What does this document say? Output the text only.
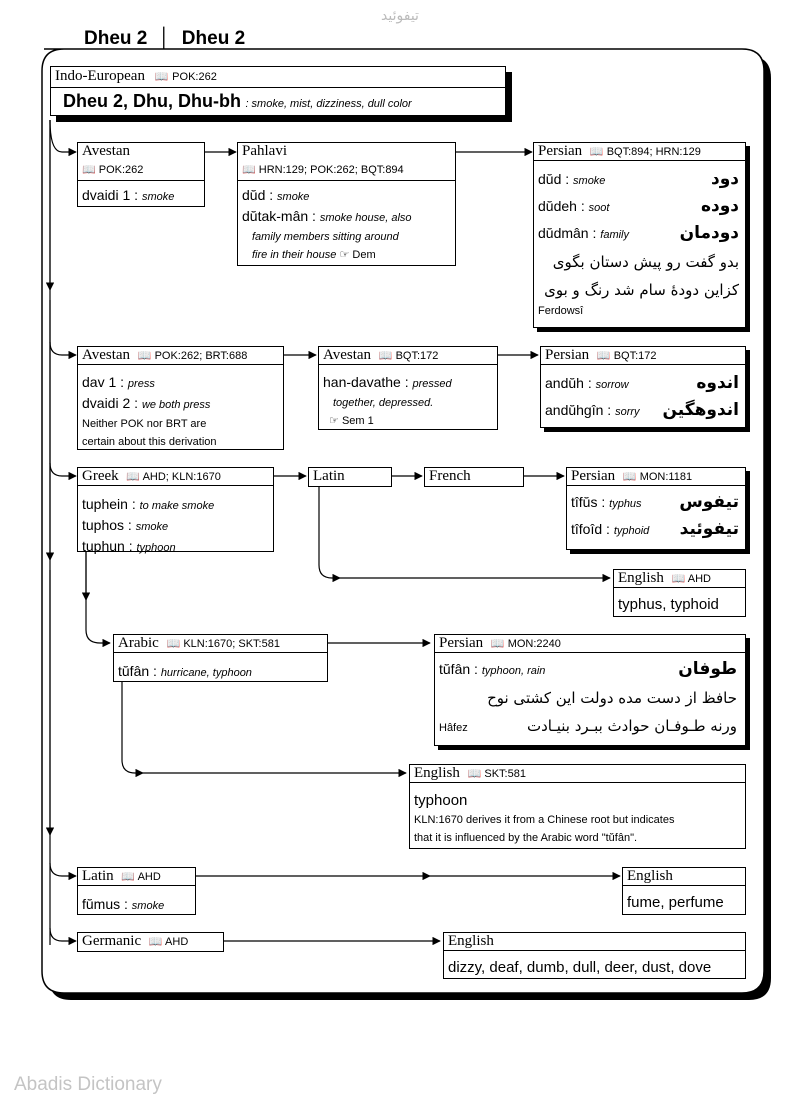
تیفوئید
Dheu 2 │ Dheu 2
Indo-European 📖 POK:262
Dheu 2, Dhu, Dhu-bh : smoke, mist, dizziness, dull color
Avestan
📖 POK:262
dvaidi 1 : smoke
Pahlavi
📖 HRN:129; POK:262; BQT:894
dŭd : smoke
dŭtak-mân : smoke house, also
family members sitting around
fire in their house ☞ Dem
Persian 📖 BQT:894; HRN:129
dŭd : smoke	دود
dŭdeh : soot	دوده
dŭdmân : family	دودمان
بدو گفت رو پیش دستان بگوی
کزاین دودهٔ سام شد رنگ و بوی
Ferdowsî
Avestan 📖 POK:262; BRT:688
dav 1 : press
dvaidi 2 : we both press
Neither POK nor BRT are
certain about this derivation
Avestan 📖 BQT:172
han-davathe : pressed
together, depressed.
☞ Sem 1
Persian 📖 BQT:172
andŭh : sorrow	اندوه
andŭhgîn : sorry اندوهگین
Greek 📖 AHD; KLN:1670
tuphein : to make smoke
tuphos : smoke
tuphun : typhoon
Latin	French	Persian 📖 MON:1181
tîfŭs : typhus تیفوس
tîfoîd : typhoid تیفوئید
English 📖 AHD
typhus, typhoid
Arabic 📖 KLN:1670; SKT:581
tŭfân : hurricane, typhoon
Persian 📖 MON:2240
tŭfân : typhoon, rain	طوفان
حافظ از دست مده دولت این کشتی نوح
ورنه طـوفـان حوادث ببـرد بنیـادت
Hâfez
English 📖 SKT:581
typhoon
KLN:1670 derives it from a Chinese root but indicates
that it is influenced by the Arabic word "tŭfân".
Latin 📖 AHD
fŭmus : smoke
English
fume, perfume
Germanic 📖 AHD	English
dizzy, deaf, dumb, dull, deer, dust, dove
Abadis Dictionary
